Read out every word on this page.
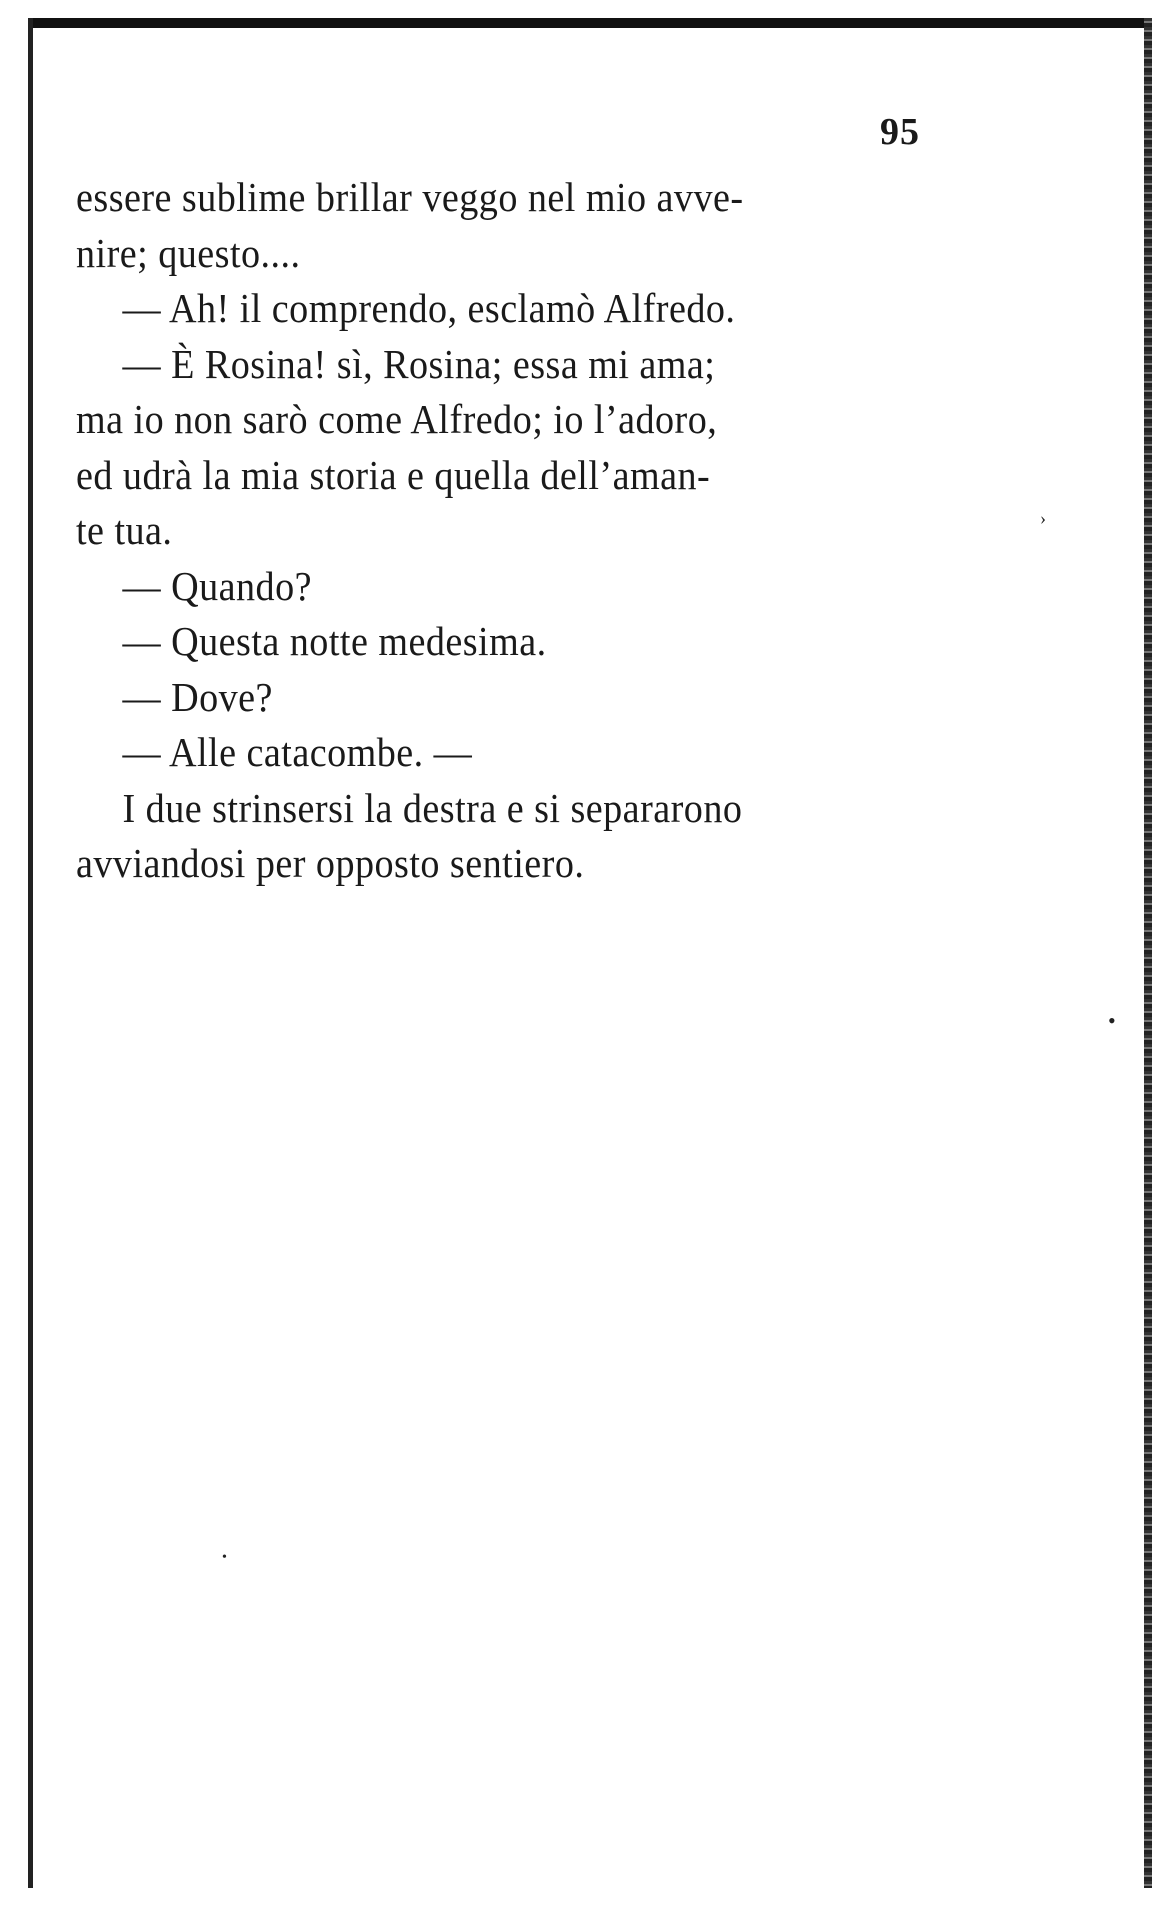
95
essere sublime brillar veggo nel mio avve-
nire; questo....
— Ah! il comprendo, esclamò Alfredo.
— È Rosina! sì, Rosina; essa mi ama;
ma io non sarò come Alfredo; io l’adoro,
ed udrà la mia storia e quella dell’aman-
te tua.
— Quando?
— Questa notte medesima.
— Dove?
— Alle catacombe. —
I due strinsersi la destra e si separarono
avviandosi per opposto sentiero.
›
•
•
